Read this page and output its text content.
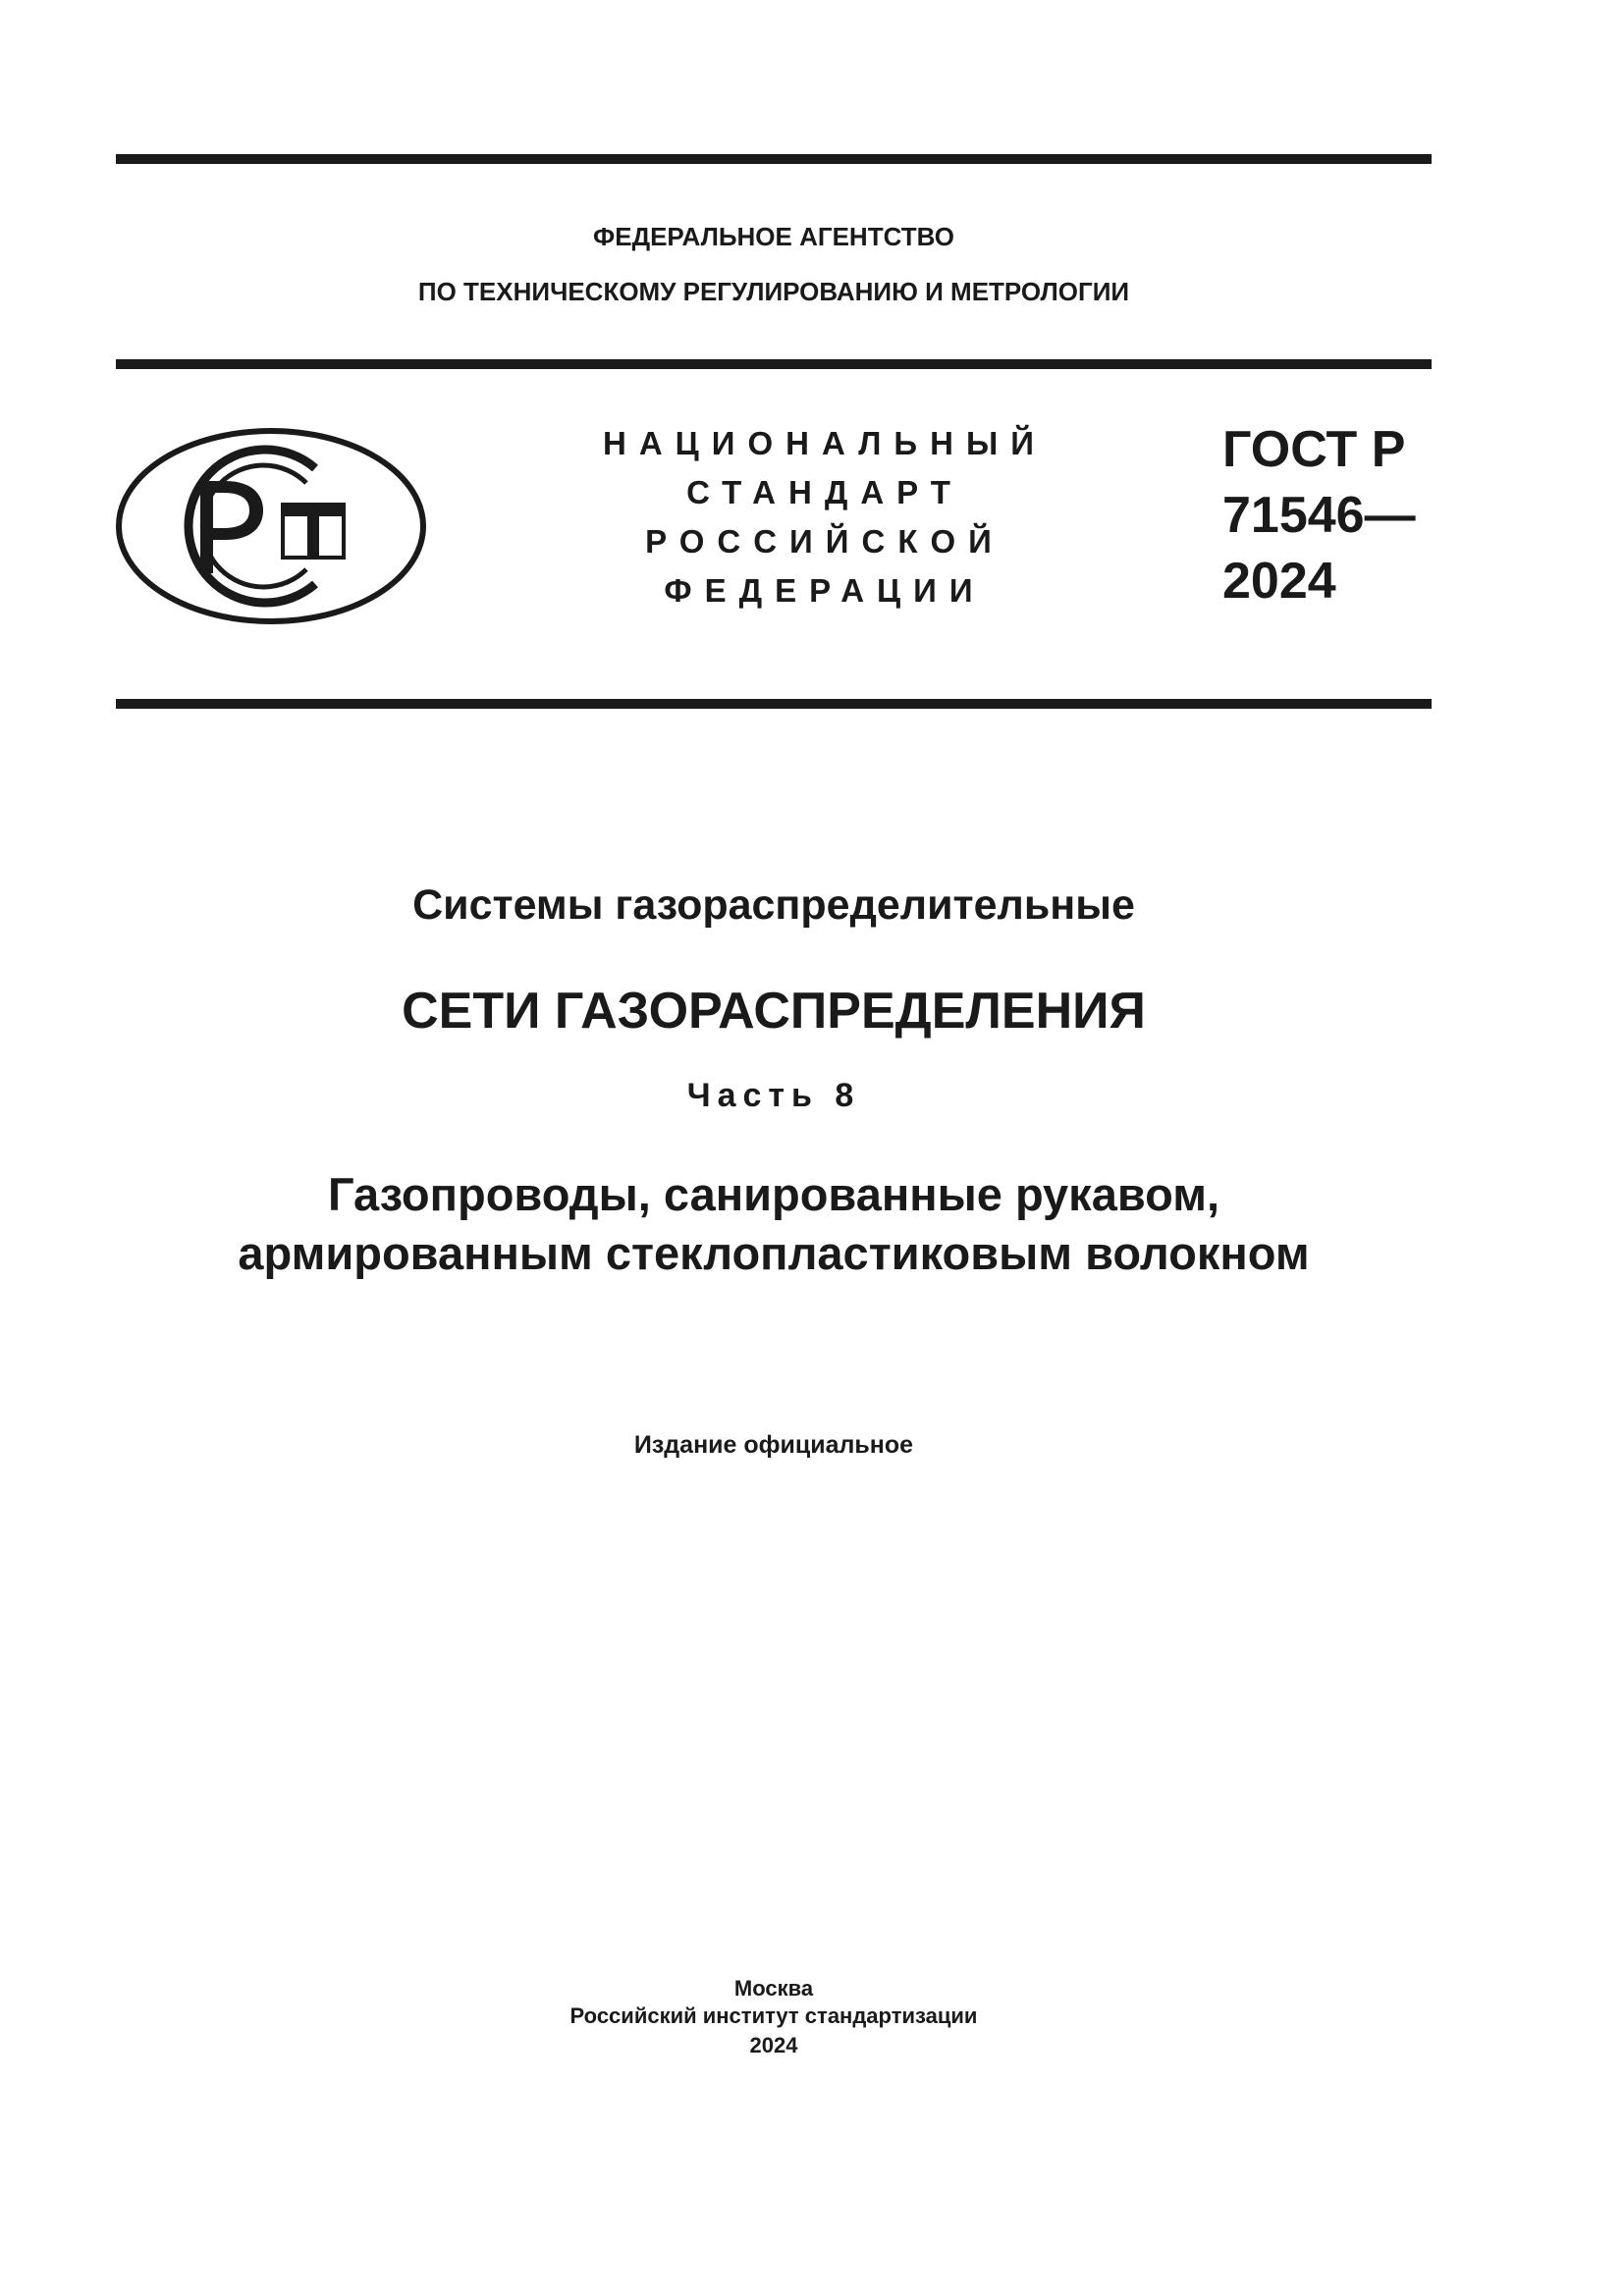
ФЕДЕРАЛЬНОЕ АГЕНТСТВО
ПО ТЕХНИЧЕСКОМУ РЕГУЛИРОВАНИЮ И МЕТРОЛОГИИ
НАЦИОНАЛЬНЫЙ
СТАНДАРТ
РОССИЙСКОЙ
ФЕДЕРАЦИИ
ГОСТ Р
71546—
2024
Системы газораспределительные
СЕТИ ГАЗОРАСПРЕДЕЛЕНИЯ
Часть 8
Газопроводы, санированные рукавом,
армированным стеклопластиковым волокном
Издание официальное
Москва
Российский институт стандартизации
2024
